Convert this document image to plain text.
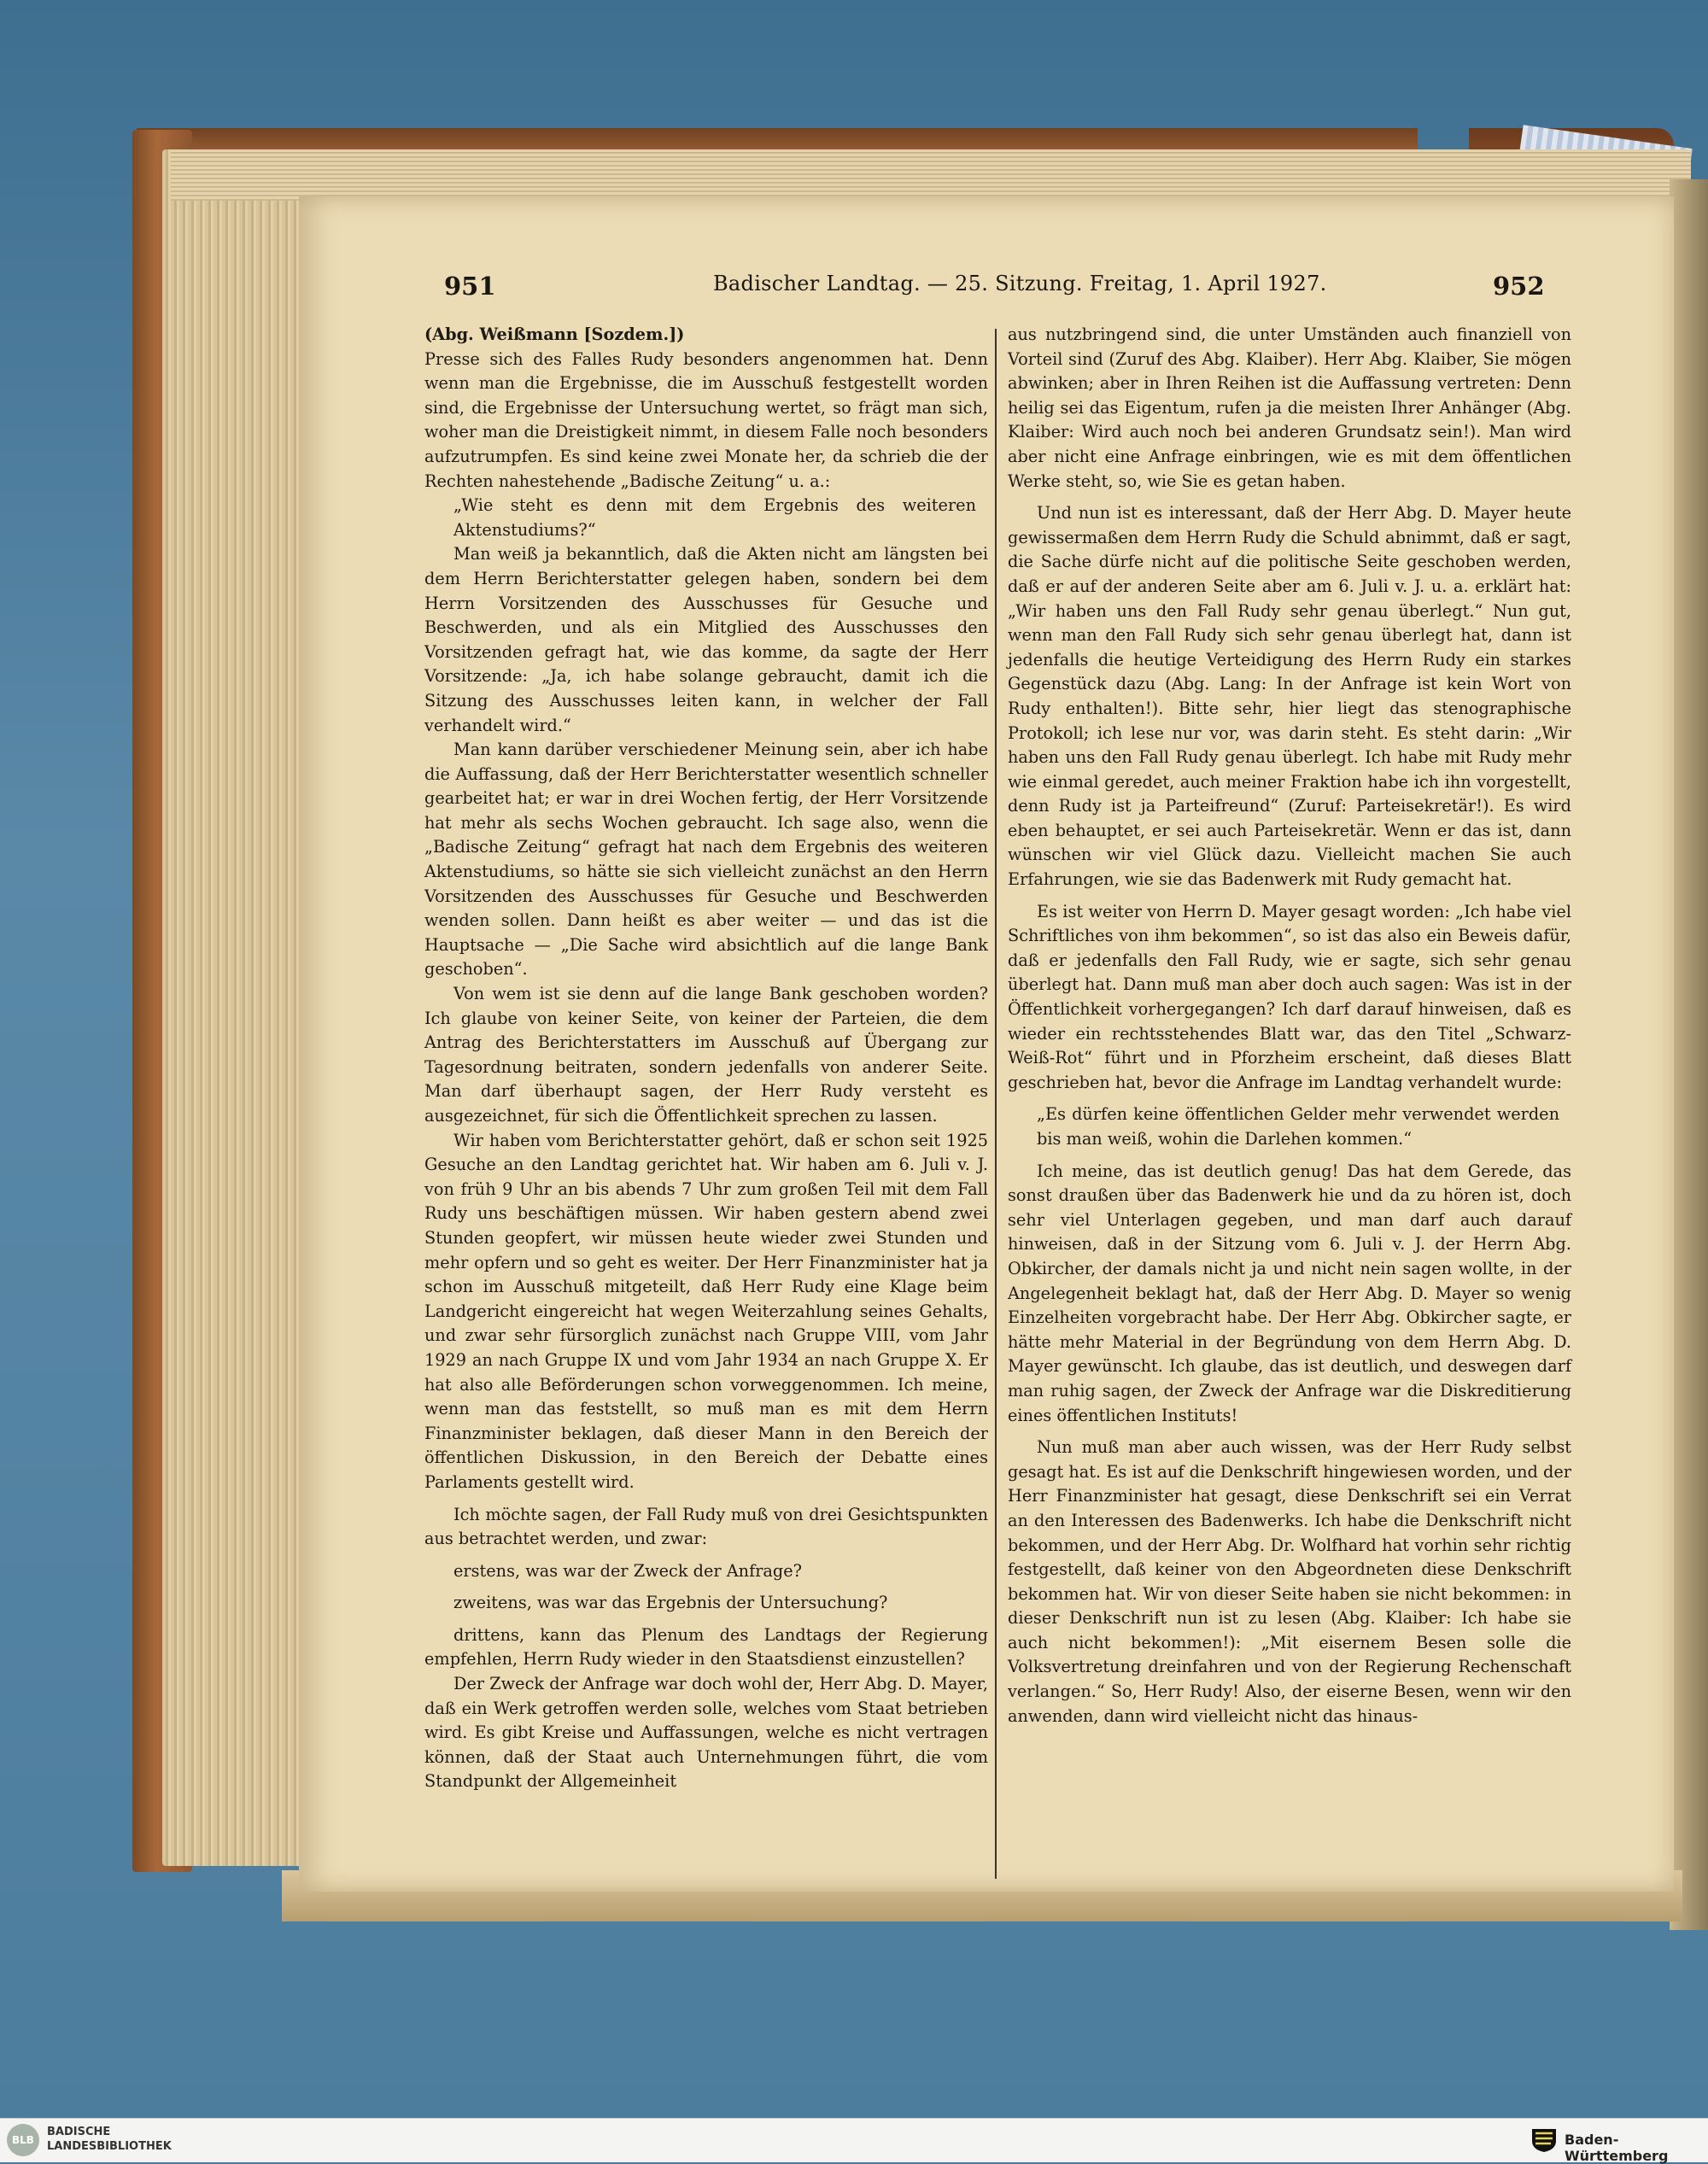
951	Badischer Landtag. — 25. Sitzung. Freitag, 1. April 1927.	952

(Abg. Weißmann [Sozdem.])

Presse sich des Falles Rudy besonders angenommen hat. Denn wenn man die Ergebnisse, die im Ausschuß festgestellt worden sind, die Ergebnisse der Untersuchung wertet, so frägt man sich, woher man die Dreistigkeit nimmt, in diesem Falle noch besonders aufzutrumpfen. Es sind keine zwei Monate her, da schrieb die der Rechten nahestehende „Badische Zeitung“ u. a.:

„Wie steht es denn mit dem Ergebnis des weiteren Aktenstudiums?“

Man weiß ja bekanntlich, daß die Akten nicht am längsten bei dem Herrn Berichterstatter gelegen haben, sondern bei dem Herrn Vorsitzenden des Ausschusses für Gesuche und Beschwerden, und als ein Mitglied des Ausschusses den Vorsitzenden gefragt hat, wie das komme, da sagte der Herr Vorsitzende: „Ja, ich habe solange gebraucht, damit ich die Sitzung des Ausschusses leiten kann, in welcher der Fall verhandelt wird.“

Man kann darüber verschiedener Meinung sein, aber ich habe die Auffassung, daß der Herr Berichterstatter wesentlich schneller gearbeitet hat; er war in drei Wochen fertig, der Herr Vorsitzende hat mehr als sechs Wochen gebraucht. Ich sage also, wenn die „Badische Zeitung“ gefragt hat nach dem Ergebnis des weiteren Aktenstudiums, so hätte sie sich vielleicht zunächst an den Herrn Vorsitzenden des Ausschusses für Gesuche und Beschwerden wenden sollen. Dann heißt es aber weiter — und das ist die Hauptsache — „Die Sache wird absichtlich auf die lange Bank geschoben“.

Von wem ist sie denn auf die lange Bank geschoben worden? Ich glaube von keiner Seite, von keiner der Parteien, die dem Antrag des Berichterstatters im Ausschuß auf Übergang zur Tagesordnung beitraten, sondern jedenfalls von anderer Seite. Man darf überhaupt sagen, der Herr Rudy versteht es ausgezeichnet, für sich die Öffentlichkeit sprechen zu lassen.

Wir haben vom Berichterstatter gehört, daß er schon seit 1925 Gesuche an den Landtag gerichtet hat. Wir haben am 6. Juli v. J. von früh 9 Uhr an bis abends 7 Uhr zum großen Teil mit dem Fall Rudy uns beschäftigen müssen. Wir haben gestern abend zwei Stunden geopfert, wir müssen heute wieder zwei Stunden und mehr opfern und so geht es weiter. Der Herr Finanzminister hat ja schon im Ausschuß mitgeteilt, daß Herr Rudy eine Klage beim Landgericht eingereicht hat wegen Weiterzahlung seines Gehalts, und zwar sehr fürsorglich zunächst nach Gruppe VIII, vom Jahr 1929 an nach Gruppe IX und vom Jahr 1934 an nach Gruppe X. Er hat also alle Beförderungen schon vorweggenommen. Ich meine, wenn man das feststellt, so muß man es mit dem Herrn Finanzminister beklagen, daß dieser Mann in den Bereich der öffentlichen Diskussion, in den Bereich der Debatte eines Parlaments gestellt wird.

Ich möchte sagen, der Fall Rudy muß von drei Gesichtspunkten aus betrachtet werden, und zwar:

erstens, was war der Zweck der Anfrage?

zweitens, was war das Ergebnis der Untersuchung?

drittens, kann das Plenum des Landtags der Regierung empfehlen, Herrn Rudy wieder in den Staatsdienst einzustellen?

Der Zweck der Anfrage war doch wohl der, Herr Abg. D. Mayer, daß ein Werk getroffen werden solle, welches vom Staat betrieben wird. Es gibt Kreise und Auffassungen, welche es nicht vertragen können, daß der Staat auch Unternehmungen führt, die vom Standpunkt der Allgemeinheit

aus nutzbringend sind, die unter Umständen auch finanziell von Vorteil sind (Zuruf des Abg. Klaiber). Herr Abg. Klaiber, Sie mögen abwinken; aber in Ihren Reihen ist die Auffassung vertreten: Denn heilig sei das Eigentum, rufen ja die meisten Ihrer Anhänger (Abg. Klaiber: Wird auch noch bei anderen Grundsatz sein!). Man wird aber nicht eine Anfrage einbringen, wie es mit dem öffentlichen Werke steht, so, wie Sie es getan haben.

Und nun ist es interessant, daß der Herr Abg. D. Mayer heute gewissermaßen dem Herrn Rudy die Schuld abnimmt, daß er sagt, die Sache dürfe nicht auf die politische Seite geschoben werden, daß er auf der anderen Seite aber am 6. Juli v. J. u. a. erklärt hat: „Wir haben uns den Fall Rudy sehr genau überlegt.“ Nun gut, wenn man den Fall Rudy sich sehr genau überlegt hat, dann ist jedenfalls die heutige Verteidigung des Herrn Rudy ein starkes Gegenstück dazu (Abg. Lang: In der Anfrage ist kein Wort von Rudy enthalten!). Bitte sehr, hier liegt das stenographische Protokoll; ich lese nur vor, was darin steht. Es steht darin: „Wir haben uns den Fall Rudy genau überlegt. Ich habe mit Rudy mehr wie einmal geredet, auch meiner Fraktion habe ich ihn vorgestellt, denn Rudy ist ja Parteifreund“ (Zuruf: Parteisekretär!). Es wird eben behauptet, er sei auch Parteisekretär. Wenn er das ist, dann wünschen wir viel Glück dazu. Vielleicht machen Sie auch Erfahrungen, wie sie das Badenwerk mit Rudy gemacht hat.

Es ist weiter von Herrn D. Mayer gesagt worden: „Ich habe viel Schriftliches von ihm bekommen“, so ist das also ein Beweis dafür, daß er jedenfalls den Fall Rudy, wie er sagte, sich sehr genau überlegt hat. Dann muß man aber doch auch sagen: Was ist in der Öffentlichkeit vorhergegangen? Ich darf darauf hinweisen, daß es wieder ein rechtsstehendes Blatt war, das den Titel „Schwarz-Weiß-Rot“ führt und in Pforzheim erscheint, daß dieses Blatt geschrieben hat, bevor die Anfrage im Landtag verhandelt wurde:

„Es dürfen keine öffentlichen Gelder mehr verwendet werden bis man weiß, wohin die Darlehen kommen.“

Ich meine, das ist deutlich genug! Das hat dem Gerede, das sonst draußen über das Badenwerk hie und da zu hören ist, doch sehr viel Unterlagen gegeben, und man darf auch darauf hinweisen, daß in der Sitzung vom 6. Juli v. J. der Herrn Abg. Obkircher, der damals nicht ja und nicht nein sagen wollte, in der Angelegenheit beklagt hat, daß der Herr Abg. D. Mayer so wenig Einzelheiten vorgebracht habe. Der Herr Abg. Obkircher sagte, er hätte mehr Material in der Begründung von dem Herrn Abg. D. Mayer gewünscht. Ich glaube, das ist deutlich, und deswegen darf man ruhig sagen, der Zweck der Anfrage war die Diskreditierung eines öffentlichen Instituts!

Nun muß man aber auch wissen, was der Herr Rudy selbst gesagt hat. Es ist auf die Denkschrift hingewiesen worden, und der Herr Finanzminister hat gesagt, diese Denkschrift sei ein Verrat an den Interessen des Badenwerks. Ich habe die Denkschrift nicht bekommen, und der Herr Abg. Dr. Wolfhard hat vorhin sehr richtig festgestellt, daß keiner von den Abgeordneten diese Denkschrift bekommen hat. Wir von dieser Seite haben sie nicht bekommen: in dieser Denkschrift nun ist zu lesen (Abg. Klaiber: Ich habe sie auch nicht bekommen!): „Mit eisernem Besen solle die Volksvertretung dreinfahren und von der Regierung Rechenschaft verlangen.“ So, Herr Rudy! Also, der eiserne Besen, wenn wir den anwenden, dann wird vielleicht nicht das hinaus-

BLB
BADISCHE
LANDESBIBLIOTHEK	Baden-Württemberg
